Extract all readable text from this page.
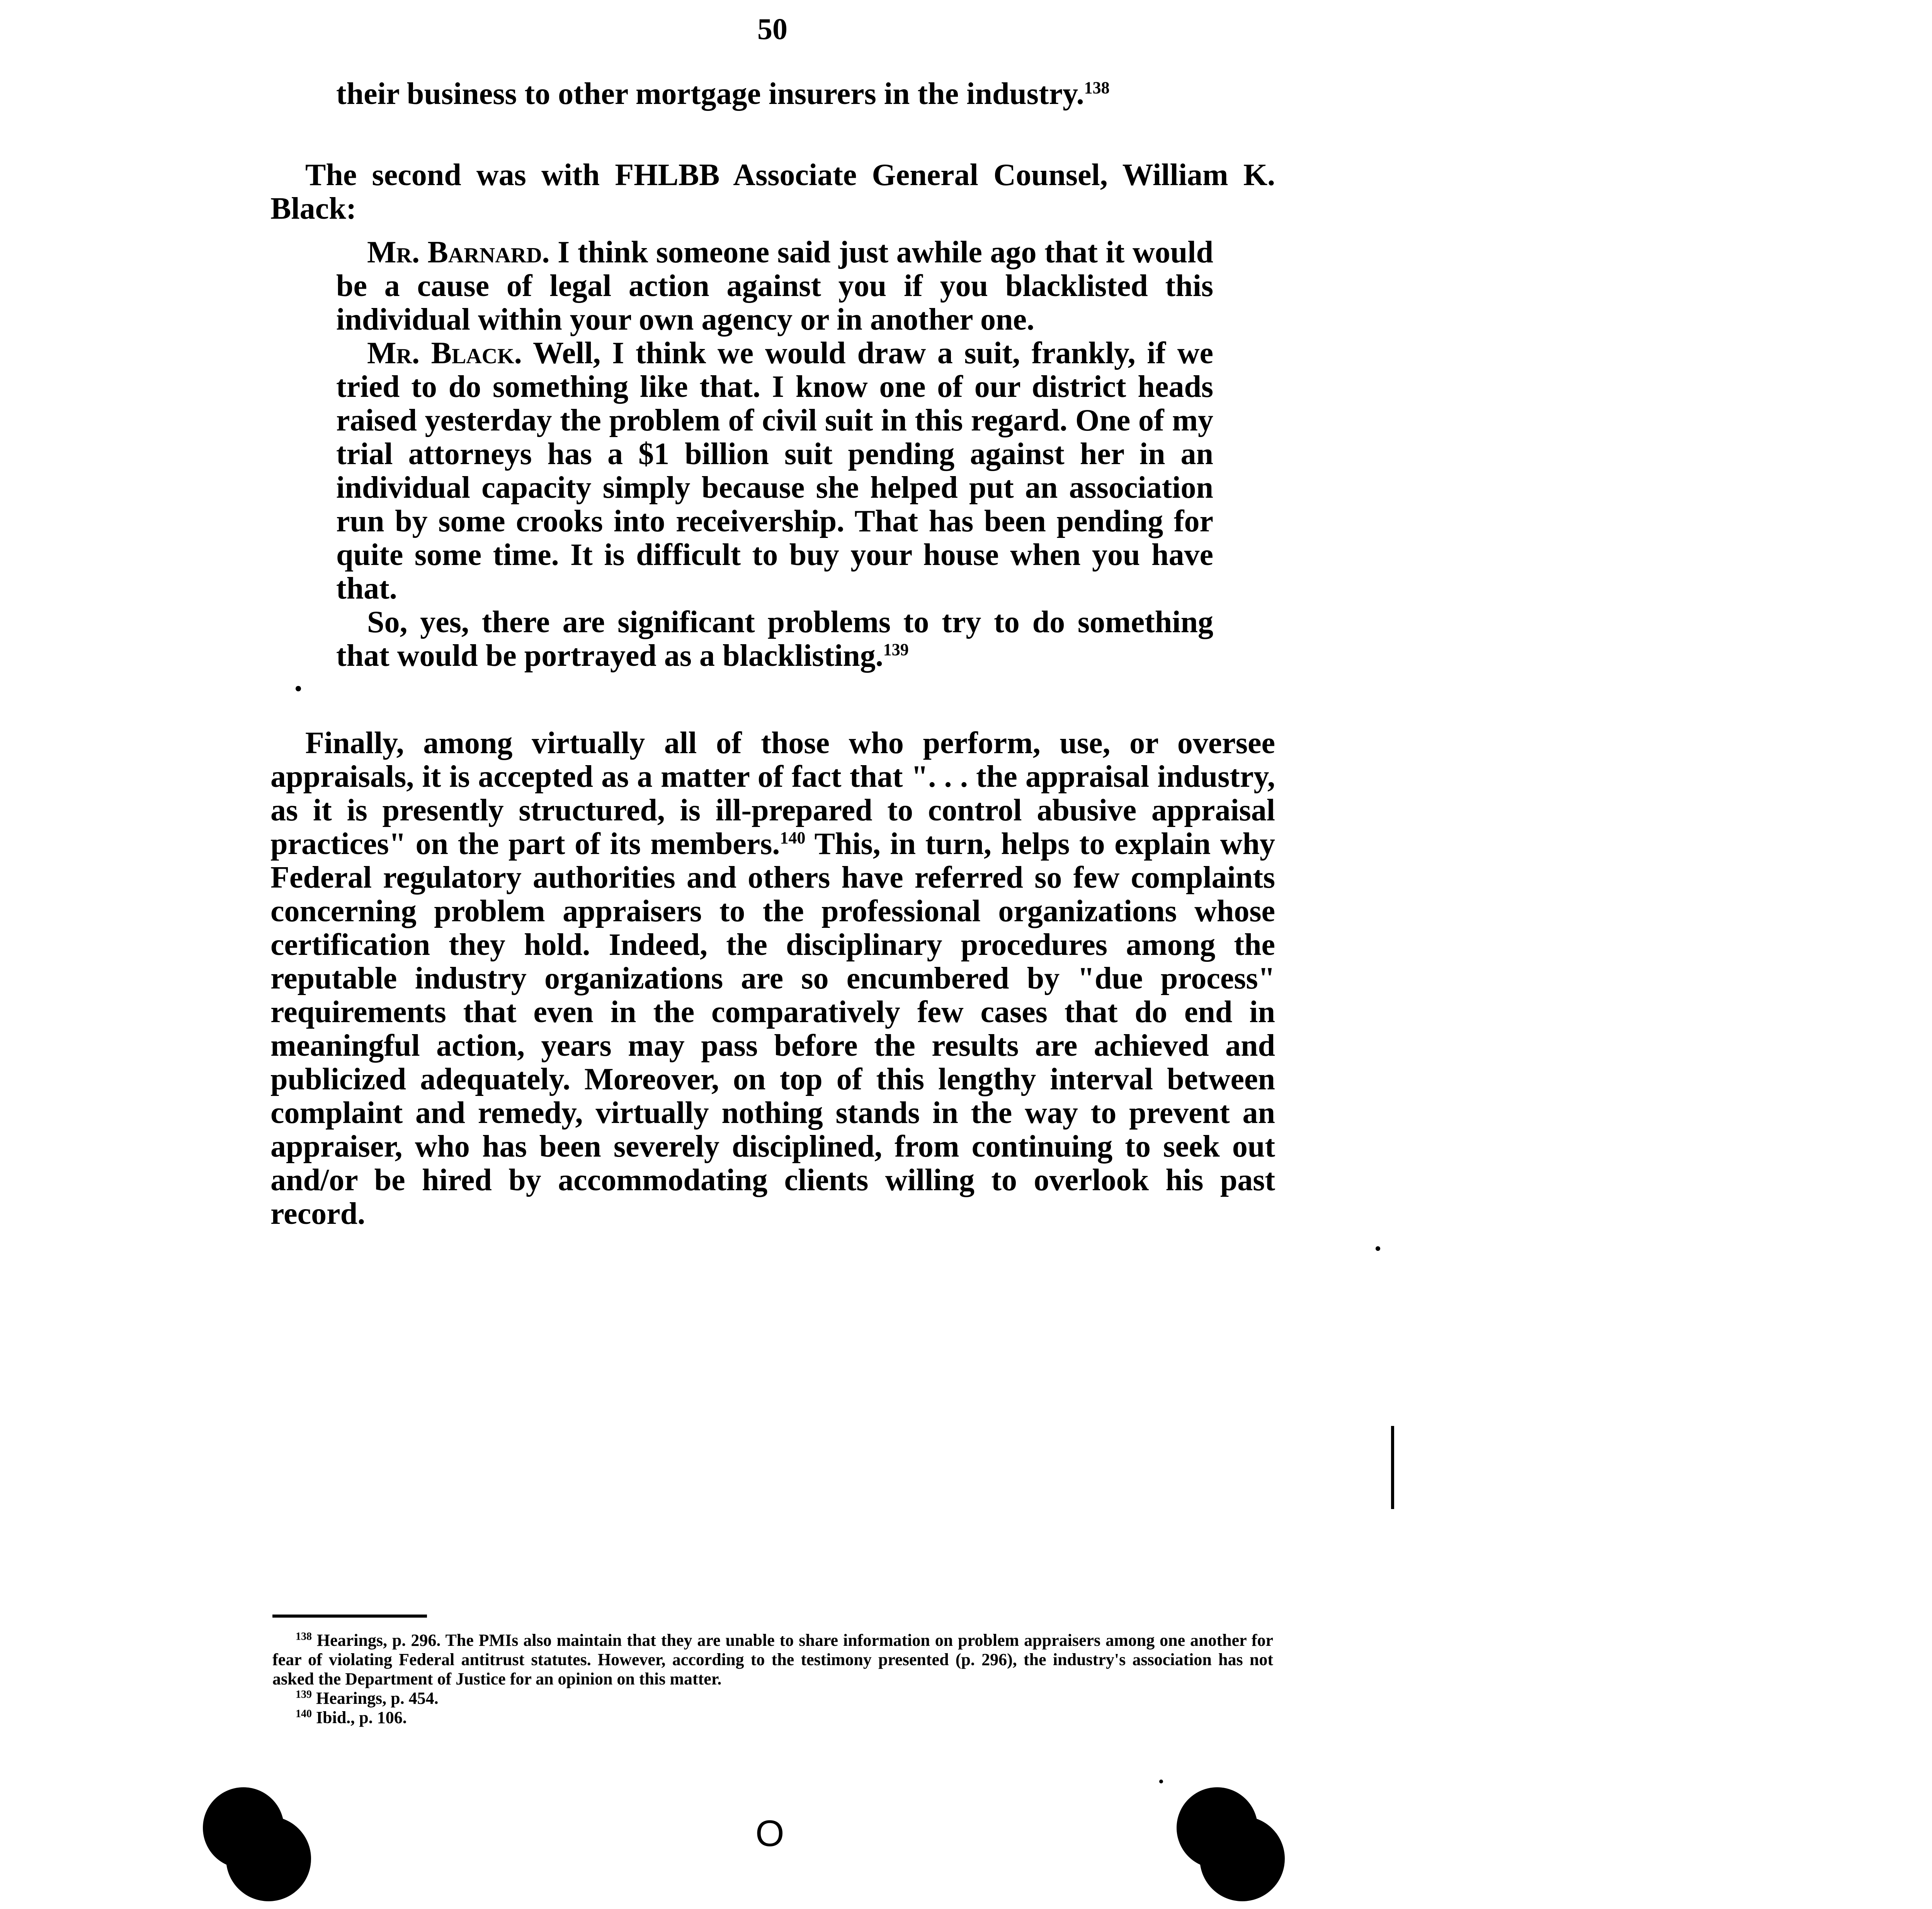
50

their business to other mortgage insurers in the industry.$^{138}$

The second was with FHLBB Associate General Counsel, William K. Black:

Mr. Barnard. I think someone said just awhile ago that it would be a cause of legal action against you if you blacklisted this individual within your own agency or in another one.

Mr. Black. Well, I think we would draw a suit, frankly, if we tried to do something like that. I know one of our district heads raised yesterday the problem of civil suit in this regard. One of my trial attorneys has a $1 billion suit pending against her in an individual capacity simply because she helped put an association run by some crooks into receivership. That has been pending for quite some time. It is difficult to buy your house when you have that.

So, yes, there are significant problems to try to do something that would be portrayed as a blacklisting.$^{139}$

Finally, among virtually all of those who perform, use, or oversee appraisals, it is accepted as a matter of fact that ". . . the appraisal industry, as it is presently structured, is ill-prepared to control abusive appraisal practices" on the part of its members.$^{140}$ This, in turn, helps to explain why Federal regulatory authorities and others have referred so few complaints concerning problem appraisers to the professional organizations whose certification they hold. Indeed, the disciplinary procedures among the reputable industry organizations are so encumbered by "due process" requirements that even in the comparatively few cases that do end in meaningful action, years may pass before the results are achieved and publicized adequately. Moreover, on top of this lengthy interval between complaint and remedy, virtually nothing stands in the way to prevent an appraiser, who has been severely disciplined, from continuing to seek out and/or be hired by accommodating clients willing to overlook his past record.

$^{138}$ Hearings, p. 296. The PMIs also maintain that they are unable to share information on problem appraisers among one another for fear of violating Federal antitrust statutes. However, according to the testimony presented (p. 296), the industry's association has not asked the Department of Justice for an opinion on this matter.

$^{139}$ Hearings, p. 454.

$^{140}$ Ibid., p. 106.

O
